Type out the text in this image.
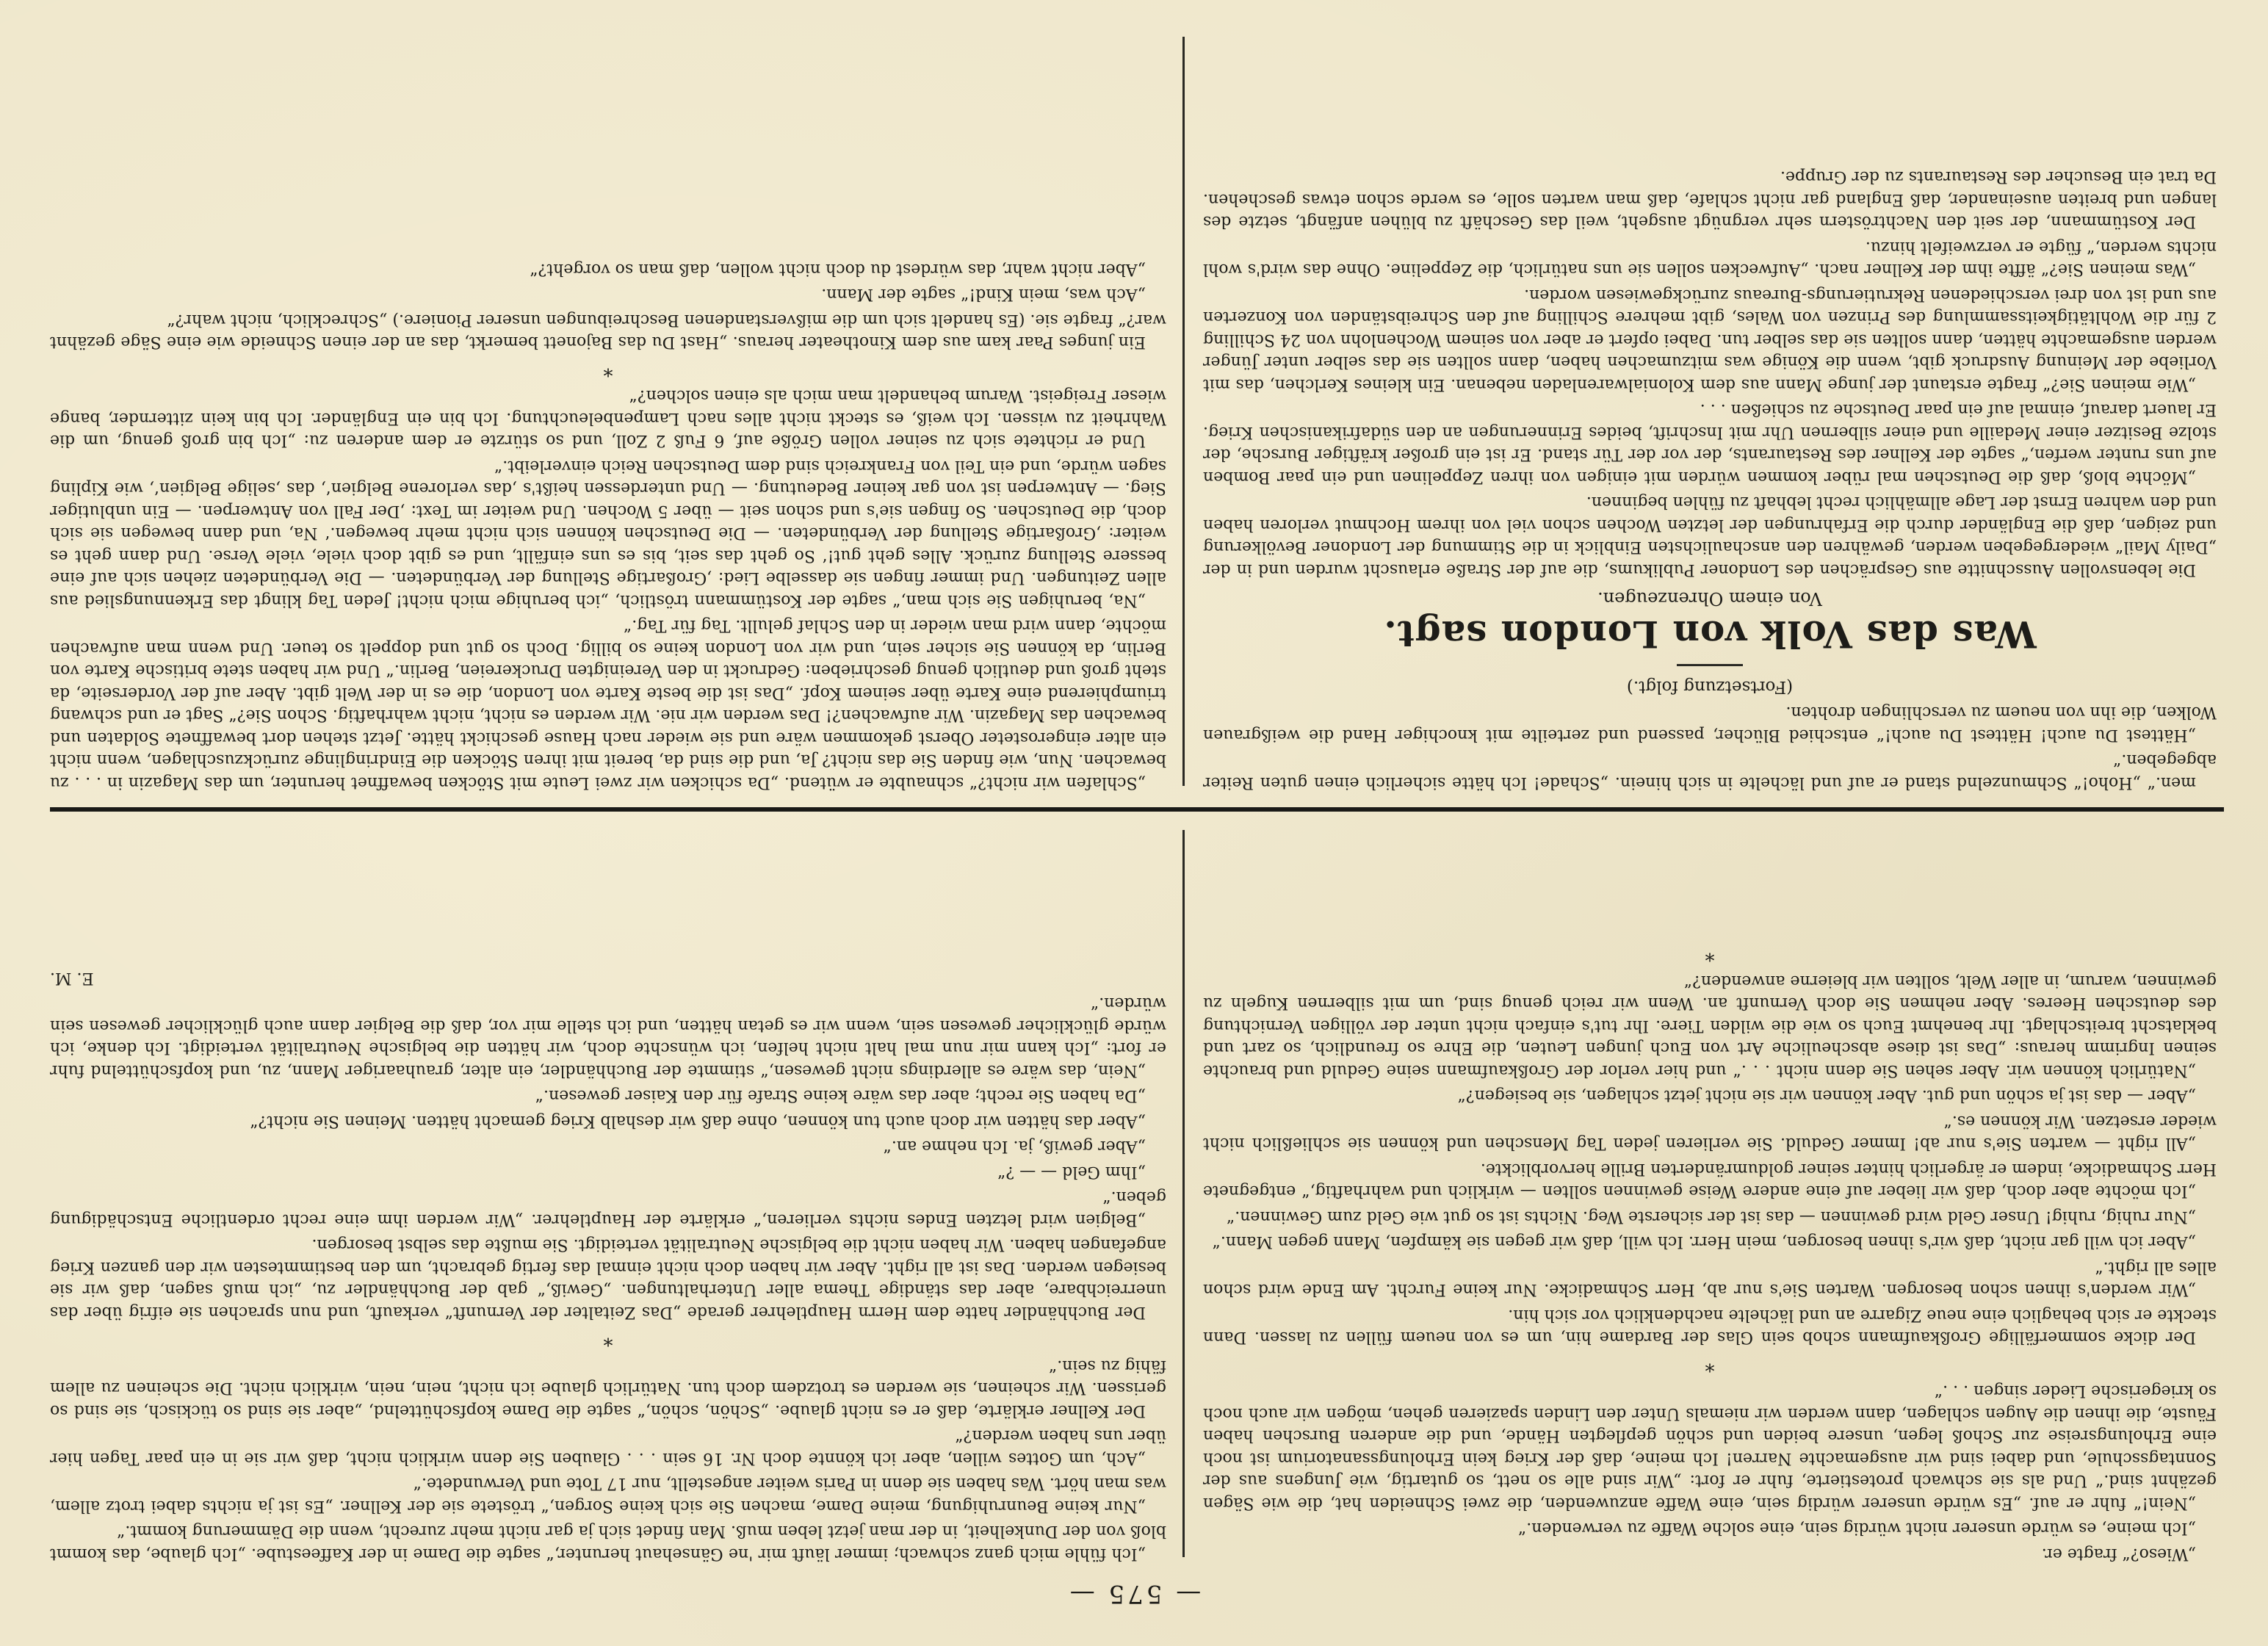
— 575 —

„Wieso?“ fragte er.

„Ich meine, es würde unserer nicht würdig sein, eine solche Waffe zu verwenden.“

„Nein!“ fuhr er auf. „Es würde unserer würdig sein, eine Waffe anzuwenden, die zwei Schneiden hat, die wie Sägen gezähnt sind.“ Und als sie schwach protestierte, fuhr er fort: „Wir sind alle so nett, so gutartig, wie Jungens aus der Sonntagsschule, und dabei sind wir ausgemachte Narren! Ich meine, daß der Krieg kein Erholungssanatorium ist noch eine Erholungsreise zur Schoß legen, unsere beiden und schön gepflegten Hände, und die anderen Burschen haben Fäuste, die ihnen die Augen schlagen, dann werden wir niemals Unter den Linden spazieren gehen, mögen wir auch noch so kriegerische Lieder singen . . .“

*

Der dicke sommerfällige Großkaufmann schob sein Glas der Bardame hin, um es von neuem füllen zu lassen. Dann steckte er sich behaglich eine neue Zigarre an und lächelte nachdenklich vor sich hin.

„Wir werden's ihnen schon besorgen. Warten Sie's nur ab, Herr Schmadicke. Nur keine Furcht. Am Ende wird schon alles all right.“

„Aber ich will gar nicht, daß wir's ihnen besorgen, mein Herr. Ich will, daß wir gegen sie kämpfen, Mann gegen Mann.“

„Nur ruhig, ruhig! Unser Geld wird gewinnen — das ist der sicherste Weg. Nichts ist so gut wie Geld zum Gewinnen.“

„Ich möchte aber doch, daß wir lieber auf eine andere Weise gewinnen sollten — wirklich und wahrhaftig,“ entgegnete Herr Schmadicke, indem er ärgerlich hinter seiner goldumränderten Brille hervorblickte.

„All right — warten Sie's nur ab! Immer Geduld. Sie verlieren jeden Tag Menschen und können sie schließlich nicht wieder ersetzen. Wir können es.“

„Aber — das ist ja schön und gut. Aber können wir sie nicht jetzt schlagen, sie besiegen?“

„Natürlich können wir. Aber sehen Sie denn nicht . . .“ und hier verlor der Großkaufmann seine Geduld und brauchte seinen Ingrimm heraus: „Das ist diese abscheuliche Art von Euch jungen Leuten, die Ehre so freundlich, so zart und beklatscht breitschlagt. Ihr benehmt Euch so wie die wilden Tiere. Ihr tut's einfach nicht unter der völligen Vernichtung des deutschen Heeres. Aber nehmen Sie doch Vernunft an. Wenn wir reich genug sind, um mit silbernen Kugeln zu gewinnen, warum, in aller Welt, sollten wir bleierne anwenden?“

*

„Ich fühle mich ganz schwach; immer läuft mir 'ne Gänsehaut herunter,“ sagte die Dame in der Kaffeestube. „Ich glaube, das kommt bloß von der Dunkelheit, in der man jetzt leben muß. Man findet sich ja gar nicht mehr zurecht, wenn die Dämmerung kommt.“

„Nur keine Beunruhigung, meine Dame, machen Sie sich keine Sorgen,“ tröstete sie der Kellner. „Es ist ja nichts dabei trotz allem, was man hört. Was haben sie denn in Paris weiter angestellt, nur 17 Tote und Verwundete.“

„Ach, um Gottes willen, aber ich könnte doch Nr. 16 sein . . . Glauben Sie denn wirklich nicht, daß wir sie in ein paar Tagen hier über uns haben werden?“

Der Kellner erklärte, daß er es nicht glaube. „Schön, schön,“ sagte die Dame kopfschüttelnd, „aber sie sind so tückisch, sie sind so gerissen. Wir scheinen, sie werden es trotzdem doch tun. Natürlich glaube ich nicht, nein, nein, wirklich nicht. Die scheinen zu allem fähig zu sein.“

*

Der Buchhändler hatte dem Herrn Hauptlehrer gerade „Das Zeitalter der Vernunft“ verkauft, und nun sprachen sie eifrig über das unerreichbare, aber das ständige Thema aller Unterhaltungen. „Gewiß,“ gab der Buchhändler zu, „ich muß sagen, daß wir sie besiegen werden. Das ist all right. Aber wir haben doch nicht einmal das fertig gebracht, um den bestimmtesten wir den ganzen Krieg angefangen haben. Wir haben nicht die belgische Neutralität verteidigt. Sie mußte das selbst besorgen.

„Belgien wird letzten Endes nichts verlieren,“ erklärte der Hauptlehrer. „Wir werden ihm eine recht ordentliche Entschädigung geben.“

„Ihm Geld — — ?“

„Aber gewiß, ja. Ich nehme an.“

„Aber das hätten wir doch auch tun können, ohne daß wir deshalb Krieg gemacht hätten. Meinen Sie nicht?“

„Da haben Sie recht; aber das wäre keine Strafe für den Kaiser gewesen.“

„Nein, das wäre es allerdings nicht gewesen,“ stimmte der Buchhändler, ein alter, grauhaariger Mann, zu, und kopfschüttelnd fuhr er fort: „Ich kann mir nun mal halt nicht helfen, ich wünschte doch, wir hätten die belgische Neutralität verteidigt. Ich denke, ich würde glücklicher gewesen sein, wenn wir es getan hätten, und ich stelle mir vor, daß die Belgier dann auch glücklicher gewesen sein würden.“

E. M.

men.“ „Hoho!“ Schmunzelnd stand er auf und lächelte in sich hinein. „Schade! Ich hätte sicherlich einen guten Reiter abgegeben.“

„Hättest Du auch! Hättest Du auch!“ entschied Blücher, passend und zerteilte mit knochiger Hand die weißgrauen Wolken, die ihn von neuem zu verschlingen drohten.

(Fortsetzung folgt.)
Was das Volk von London sagt.
Von einem Ohrenzeugen.

Die lebensvollen Ausschnitte aus Gesprächen des Londoner Publikums, die auf der Straße erlauscht wurden und in der „Daily Mail“ wiedergegeben werden, gewähren den anschaulichsten Einblick in die Stimmung der Londoner Bevölkerung und zeigen, daß die Engländer durch die Erfahrungen der letzten Wochen schon viel von ihrem Hochmut verloren haben und den wahren Ernst der Lage allmählich recht lebhaft zu fühlen beginnen.

„Möchte bloß, daß die Deutschen mal rüber kommen würden mit einigen von ihren Zeppelinen und ein paar Bomben auf uns runter werfen,“ sagte der Kellner des Restaurants, der vor der Tür stand. Er ist ein großer kräftiger Bursche, der stolze Besitzer einer Medaille und einer silbernen Uhr mit Inschrift, beides Erinnerungen an den südafrikanischen Krieg. Er lauert darauf, einmal auf ein paar Deutsche zu schießen . . .

„Wie meinen Sie?“ fragte erstaunt der junge Mann aus dem Kolonialwarenladen nebenan. Ein kleines Kerlchen, das mit Vorliebe der Meinung Ausdruck gibt, wenn die Könige was mitzumachen haben, dann sollten sie das selber unter Jünger werden ausgemachte hätten, dann sollten sie das selber tun. Dabei opfert er aber von seinem Wochenlohn von 24 Schilling 2 für die Wohltätigkeitssammlung des Prinzen von Wales, gibt mehrere Schilling auf den Schreibständen von Konzerten aus und ist von drei verschiedenen Rekrutierungs-Bureaus zurückgewiesen worden.

„Was meinen Sie?“ äffte ihm der Kellner nach. „Aufwecken sollen sie uns natürlich, die Zeppeline. Ohne das wird's wohl nichts werden,“ fügte er verzweifelt hinzu.

Der Kostümmann, der seit den Nachtröstern sehr vergnügt ausgeht, weil das Geschäft zu blühen anfängt, setzte des langen und breiten auseinander, daß England gar nicht schlafe, daß man warten solle, es werde schon etwas geschehen. Da trat ein Besucher des Restaurants zu der Gruppe.

„Schlafen wir nicht?“ schnaubte er wütend. „Da schicken wir zwei Leute mit Stöcken bewaffnet herunter, um das Magazin in . . . zu bewachen. Nun, wie finden Sie das nicht? Ja, und die sind da, bereit mit ihren Stöcken die Eindringlinge zurückzuschlagen, wenn nicht ein alter eingerosteter Oberst gekommen wäre und sie wieder nach Hause geschickt hätte. Jetzt stehen dort bewaffnete Soldaten und bewachen das Magazin. Wir aufwachen?! Das werden wir nie. Wir werden es nicht, nicht wahrhaftig. Schon Sie?“ Sagt er und schwang triumphierend eine Karte über seinem Kopf. „Das ist die beste Karte von London, die es in der Welt gibt. Aber auf der Vorderseite, da steht groß und deutlich genug geschrieben: Gedruckt in den Vereinigten Druckereien, Berlin.“ Und wir haben stete britische Karte von Berlin, da können Sie sicher sein, und wir von London keine so billig. Doch so gut und doppelt so teuer. Und wenn man aufwachen möchte, dann wird man wieder in den Schlaf gelullt. Tag für Tag.“

„Na, beruhigen Sie sich man,“ sagte der Kostümmann tröstlich, „ich beruhige mich nicht! Jeden Tag klingt das Erkennungslied aus allen Zeitungen. Und immer fingen sie dasselbe Lied: ‚Großartige Stellung der Verbündeten. — Die Verbündeten ziehen sich auf eine bessere Stellung zurück. Alles geht gut!‘ So geht das seit, bis es uns einfällt, und es gibt doch viele, viele Verse. Und dann geht es weiter: ‚Großartige Stellung der Verbündeten. — Die Deutschen können sich nicht mehr bewegen.‘ Na, und dann bewegen sie sich doch, die Deutschen. So fingen sie's und schon seit — über 5 Wochen. Und weiter im Text: ‚Der Fall von Antwerpen. — Ein unblutiger Sieg. — Antwerpen ist von gar keiner Bedeutung. — Und unterdessen heißt's ‚das verlorene Belgien‘, das ‚selige Belgien‘, wie Kipling sagen würde, und ein Teil von Frankreich sind dem Deutschen Reich einverleibt.“

Und er richtete sich zu seiner vollen Größe auf, 6 Fuß 2 Zoll, und so stürzte er dem anderen zu: „Ich bin groß genug, um die Wahrheit zu wissen. Ich weiß, es steckt nicht alles nach Lampenbeleuchtung. Ich bin ein Engländer. Ich bin kein zitternder, bange wieser Freigeist. Warum behandelt man mich als einen solchen?“

*

Ein junges Paar kam aus dem Kinotheater heraus. „Hast Du das Bajonett bemerkt, das an der einen Schneide wie eine Säge gezähnt war?“ fragte sie. (Es handelt sich um die mißverstandenen Beschreibungen unserer Pioniere.) „Schrecklich, nicht wahr?“

„Ach was, mein Kind!“ sagte der Mann.

„Aber nicht wahr, das würdest du doch nicht wollen, daß man so vorgeht?“
